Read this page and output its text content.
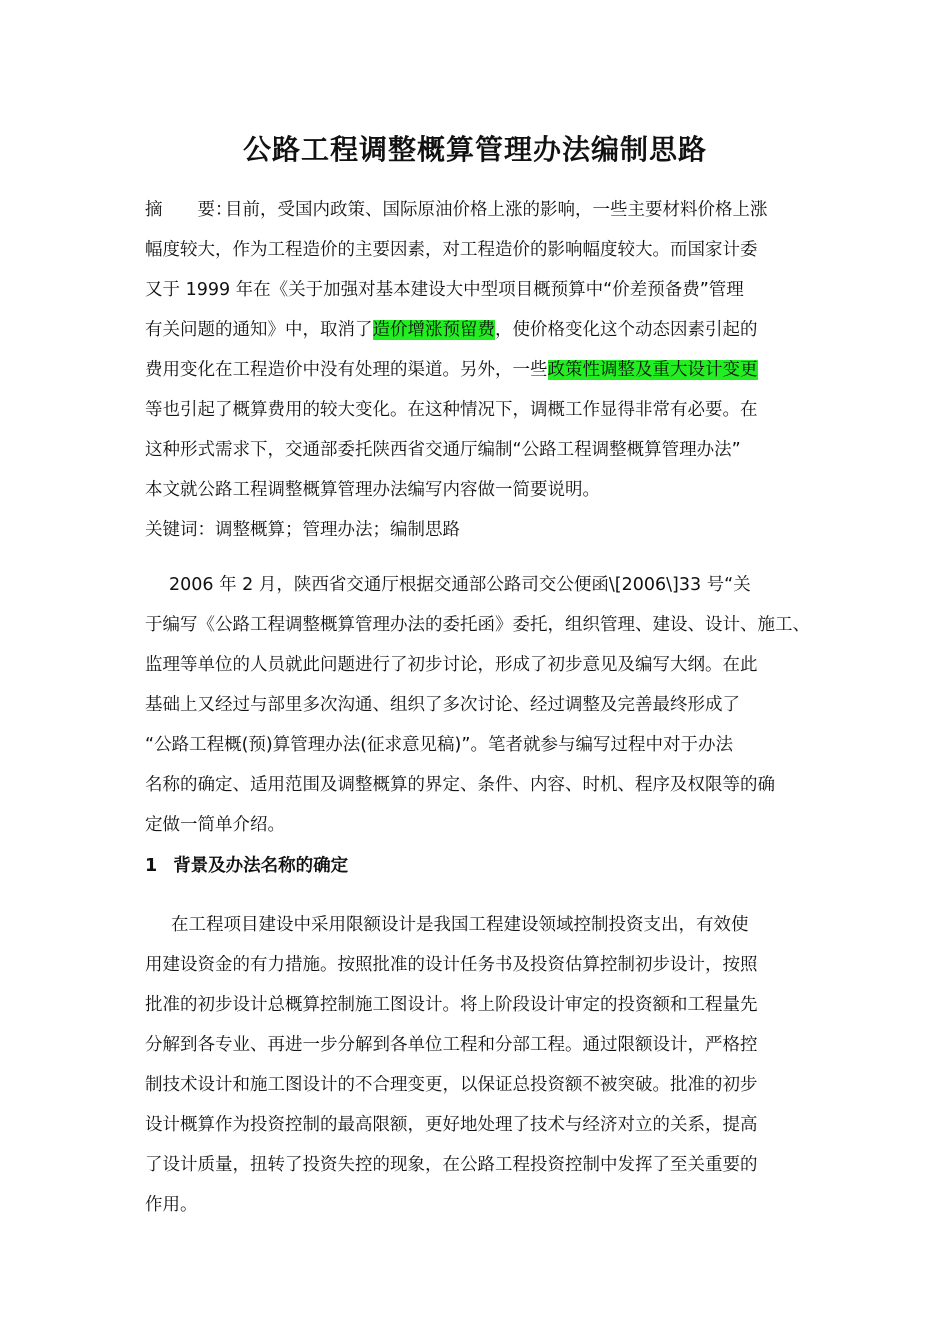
公路工程调整概算管理办法编制思路
摘　　要：目前，受国内政策、国际原油价格上涨的影响，一些主要材料价格上涨
幅度较大，作为工程造价的主要因素，对工程造价的影响幅度较大。而国家计委
又于 1999 年在《关于加强对基本建设大中型项目概预算中“价差预备费”管理
有关问题的通知》中，取消了造价增涨预留费，使价格变化这个动态因素引起的
费用变化在工程造价中没有处理的渠道。另外，一些政策性调整及重大设计变更
等也引起了概算费用的较大变化。在这种情况下，调概工作显得非常有必要。在
这种形式需求下，交通部委托陕西省交通厅编制“公路工程调整概算管理办法”
本文就公路工程调整概算管理办法编写内容做一简要说明。
关键词：调整概算；管理办法；编制思路
2006 年 2 月，陕西省交通厅根据交通部公路司交公便函\[2006\]33 号“关
于编写《公路工程调整概算管理办法的委托函》委托，组织管理、建设、设计、施工、
监理等单位的人员就此问题进行了初步讨论，形成了初步意见及编写大纲。在此
基础上又经过与部里多次沟通、组织了多次讨论、经过调整及完善最终形成了
“公路工程概(预)算管理办法(征求意见稿)”。笔者就参与编写过程中对于办法
名称的确定、适用范围及调整概算的界定、条件、内容、时机、程序及权限等的确
定做一简单介绍。
1 背景及办法名称的确定
在工程项目建设中采用限额设计是我国工程建设领域控制投资支出，有效使
用建设资金的有力措施。按照批准的设计任务书及投资估算控制初步设计，按照
批准的初步设计总概算控制施工图设计。将上阶段设计审定的投资额和工程量先
分解到各专业、再进一步分解到各单位工程和分部工程。通过限额设计，严格控
制技术设计和施工图设计的不合理变更，以保证总投资额不被突破。批准的初步
设计概算作为投资控制的最高限额，更好地处理了技术与经济对立的关系，提高
了设计质量，扭转了投资失控的现象，在公路工程投资控制中发挥了至关重要的
作用。
